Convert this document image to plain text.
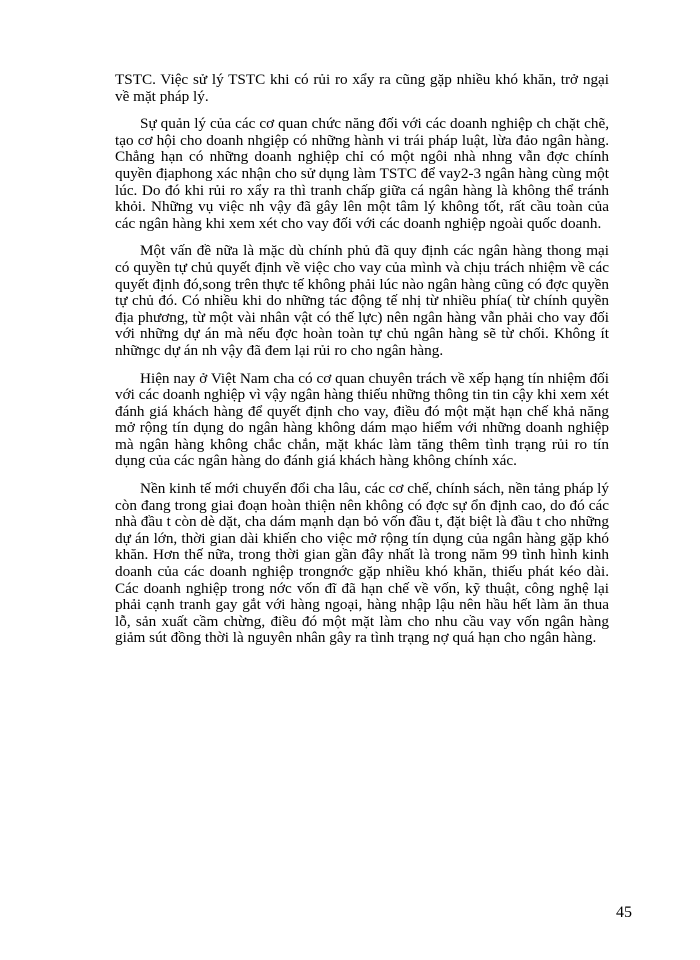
TSTC. Việc sử lý TSTC khi có rủi ro xẩy ra cũng gặp nhiều khó khăn, trở ngại về mặt pháp lý.

Sự quản lý của các cơ quan chức năng đối với các doanh nghiệp ch chặt chẽ, tạo cơ hội cho doanh nhgiệp có những hành vi trái pháp luật, lừa đảo ngân hàng. Chẳng hạn có những doanh nghiệp chỉ có một ngôi nhà nhng vẫn đợc chính quyền địaphong xác nhận cho sử dụng làm TSTC để vay2-3 ngân hàng cùng một lúc. Do đó khi rủi ro xẩy ra thì tranh chấp giữa cá ngân hàng là không thể tránh khỏi. Những vụ việc nh vậy đã gây lên một tâm lý không tốt, rất cầu toàn của các ngân hàng khi xem xét cho vay đối với các doanh nghiệp ngoài quốc doanh.

Một vấn đề nữa là mặc dù chính phủ đã quy định các ngân hàng thong mại có quyền tự chủ quyết định về việc cho vay của mình và chịu trách nhiệm về các quyết định đó,song trên thực tế không phải lúc nào ngân hàng cũng có đợc quyền tự chủ đó. Có nhiều khi do những tác động tế nhị từ nhiều phía( từ chính quyền địa phương, từ một vài nhân vật có thế lực) nên ngân hàng vẫn phải cho vay đối với những dự án mà nếu đợc hoàn toàn tự chủ ngân hàng sẽ từ chối. Không ít nhữngc dự án nh vậy đã đem lại rủi ro cho ngân hàng.

Hiện nay ở Việt Nam cha có cơ quan chuyên trách về xếp hạng tín nhiệm đối với các doanh nghiệp vì vậy ngân hàng thiếu những thông tin tin cậy khi xem xét đánh giá khách hàng để quyết định cho vay, điều đó một mặt hạn chế khả năng mở rộng tín dụng do ngân hàng không dám mạo hiểm với những doanh nghiệp mà ngân hàng không chắc chắn, mặt khác làm tăng thêm tình trạng rủi ro tín dụng của các ngân hàng do đánh giá khách hàng không chính xác.

Nền kinh tế mới chuyển đổi cha lâu, các cơ chế, chính sách, nền tảng pháp lý còn đang trong giai đoạn hoàn thiện nên không có đợc sự ổn định cao, do đó các nhà đầu t còn dè dặt, cha dám mạnh dạn bỏ vốn đầu t, đặt biệt là đầu t cho những dự án lớn, thời gian dài khiến cho việc mở rộng tín dụng của ngân hàng gặp khó khăn. Hơn thế nữa, trong thời gian gần đây nhất là trong năm 99 tình hình kinh doanh của các doanh nghiệp trongnớc gặp nhiều khó khăn, thiếu phát kéo dài. Các doanh nghiệp trong nớc vốn đĩ đã hạn chế về vốn, kỹ thuật, công nghệ lại phải cạnh tranh gay gắt với hàng ngoại, hàng nhập lậu nên hầu hết làm ăn thua lỗ, sản xuất cầm chừng, điều đó một mặt làm cho nhu cầu vay vốn ngân hàng giảm sút đồng thời là nguyên nhân gây ra tình trạng nợ quá hạn cho ngân hàng.

45
